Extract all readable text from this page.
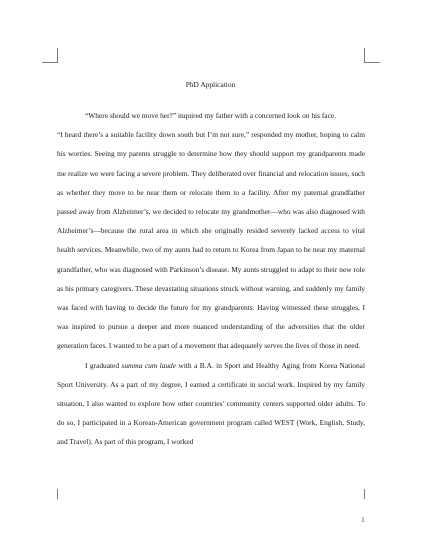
PhD Application

“Where should we move her?” inquired my father with a concerned look on his face.

“I heard there’s a suitable facility down south but I’m not sure,” responded my mother, hoping to calm his worries. Seeing my parents struggle to determine how they should support my grandparents made me realize we were facing a severe problem. They deliberated over financial and relocation issues, such as whether they move to be near them or relocate them to a facility. After my paternal grandfather passed away from Alzheimer’s, we decided to relocate my grandmother—who was also diagnosed with Alzheimer’s—because the rural area in which she originally resided severely lacked access to vital health services. Meanwhile, two of my aunts had to return to Korea from Japan to be near my maternal grandfather, who was diagnosed with Parkinson’s disease. My aunts struggled to adapt to their new role as his primary caregivers. These devastating situations struck without warning, and suddenly my family was faced with having to decide the future for my grandparents. Having witnessed these struggles, I was inspired to pursue a deeper and more nuanced understanding of the adversities that the older generation faces. I wanted to be a part of a movement that adequately serves the lives of those in need.

I graduated summa cum laude with a B.A. in Sport and Healthy Aging from Korea National Sport University. As a part of my degree, I earned a certificate in social work. Inspired by my family situation, I also wanted to explore how other countries’ community centers supported older adults. To do so, I participated in a Korean-American government program called WEST (Work, English, Study, and Travel). As part of this program, I worked

1
